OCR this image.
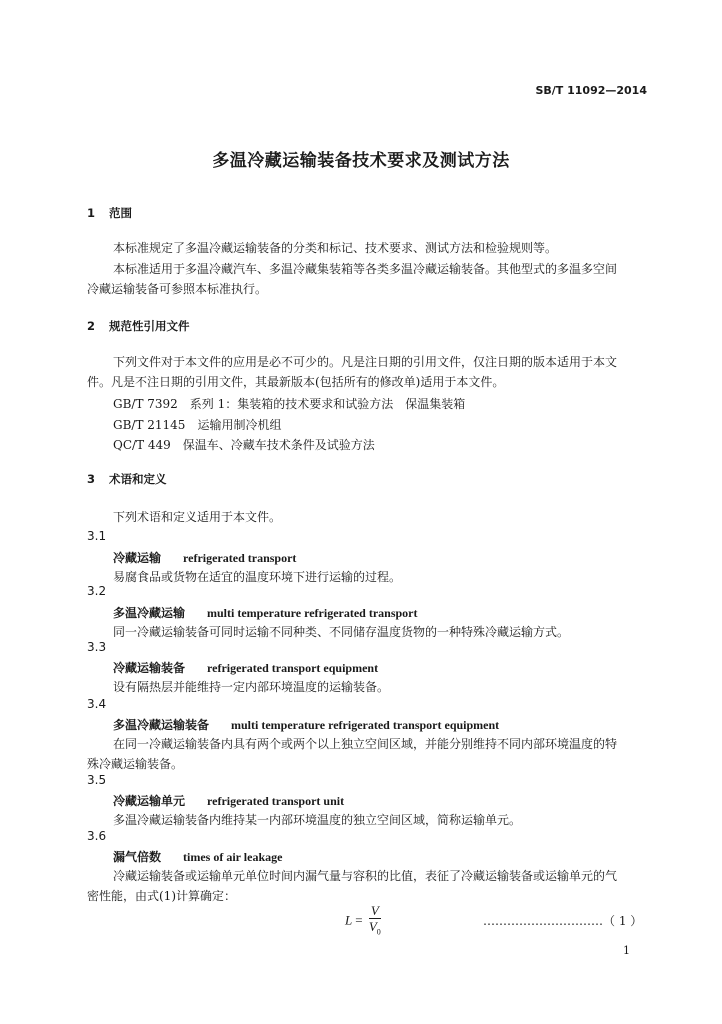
SB/T 11092—2014
多温冷藏运输装备技术要求及测试方法
1 范围
本标准规定了多温冷藏运输装备的分类和标记、技术要求、测试方法和检验规则等。
本标准适用于多温冷藏汽车、多温冷藏集装箱等各类多温冷藏运输装备。其他型式的多温多空间
冷藏运输装备可参照本标准执行。
2 规范性引用文件
下列文件对于本文件的应用是必不可少的。凡是注日期的引用文件，仅注日期的版本适用于本文
件。凡是不注日期的引用文件，其最新版本(包括所有的修改单)适用于本文件。
GB/T 7392　系列 1：集装箱的技术要求和试验方法　保温集装箱
GB/T 21145　运输用制冷机组
QC/T 449　保温车、冷藏车技术条件及试验方法
3 术语和定义
下列术语和定义适用于本文件。
3.1
冷藏运输 refrigerated transport
易腐食品或货物在适宜的温度环境下进行运输的过程。
3.2
多温冷藏运输 multi temperature refrigerated transport
同一冷藏运输装备可同时运输不同种类、不同储存温度货物的一种特殊冷藏运输方式。
3.3
冷藏运输装备 refrigerated transport equipment
设有隔热层并能维持一定内部环境温度的运输装备。
3.4
多温冷藏运输装备 multi temperature refrigerated transport equipment
在同一冷藏运输装备内具有两个或两个以上独立空间区域，并能分别维持不同内部环境温度的特
殊冷藏运输装备。
3.5
冷藏运输单元 refrigerated transport unit
多温冷藏运输装备内维持某一内部环境温度的独立空间区域，简称运输单元。
3.6
漏气倍数 times of air leakage
冷藏运输装备或运输单元单位时间内漏气量与容积的比值，表征了冷藏运输装备或运输单元的气
密性能，由式(1)计算确定：
$L = \frac{V}{V_0}$	…………………………（ 1 ）
1
